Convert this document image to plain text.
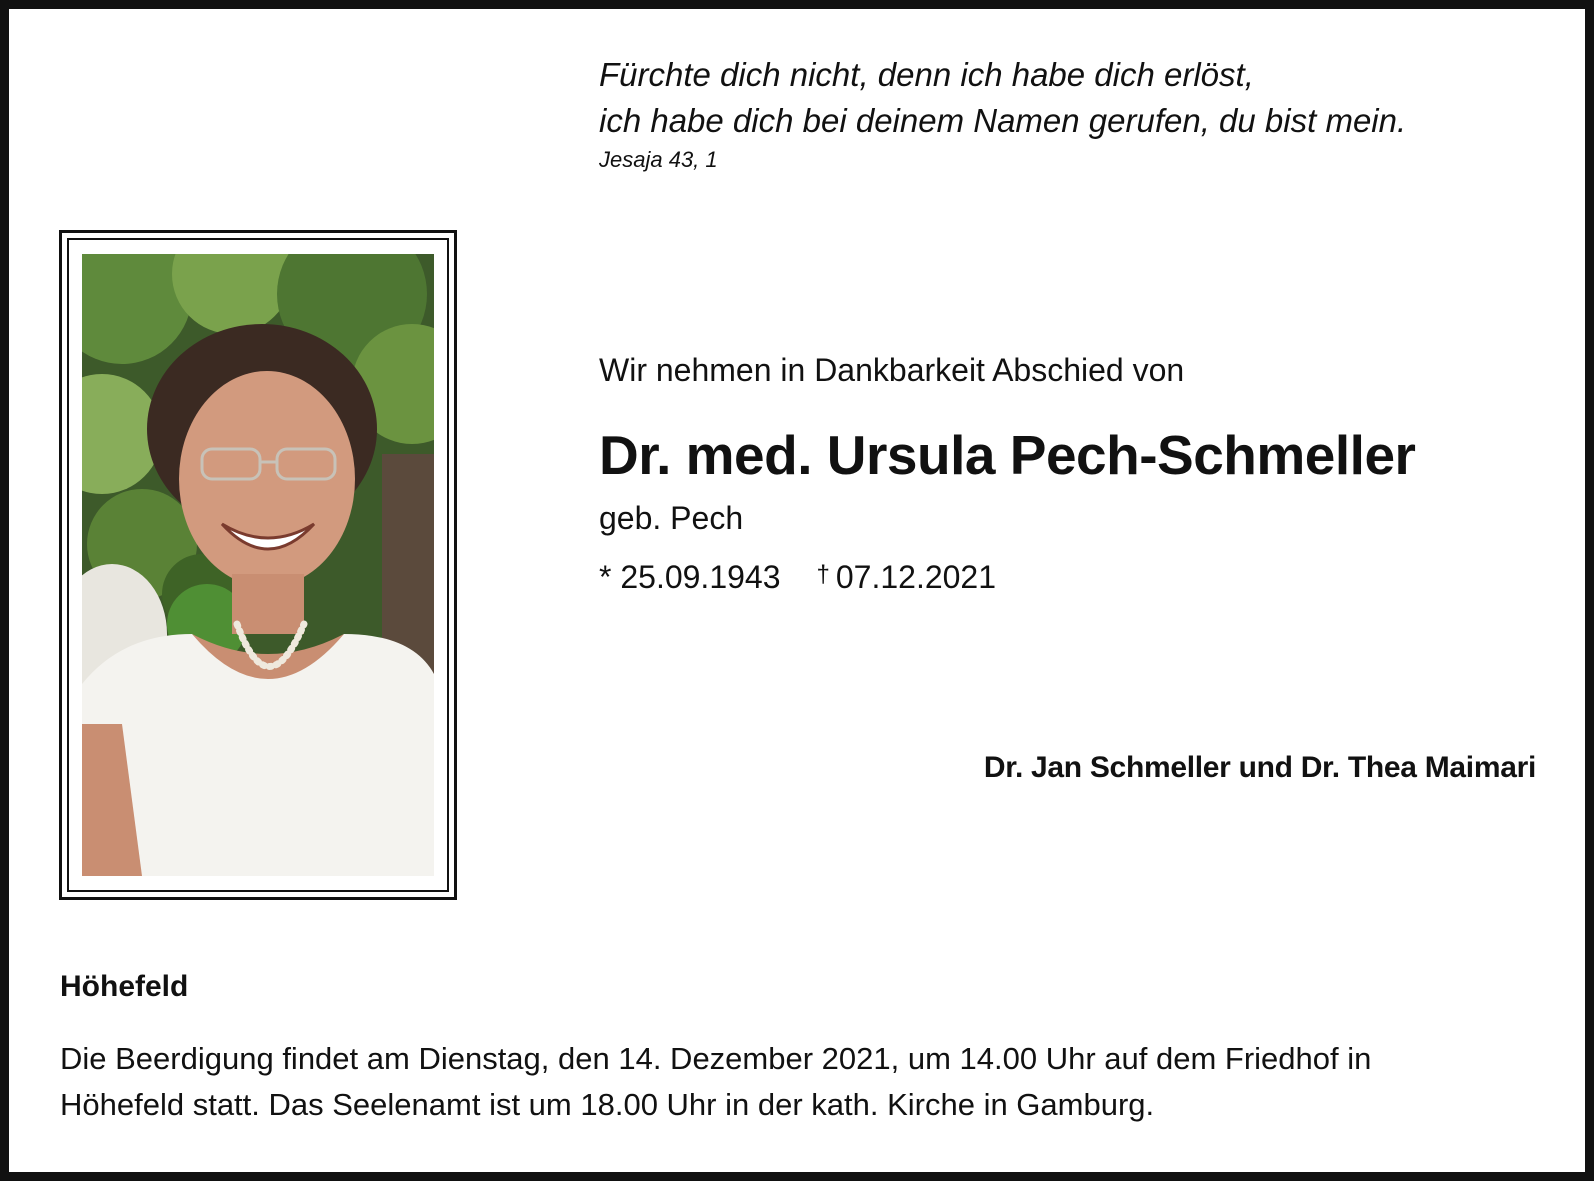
Fürchte dich nicht, denn ich habe dich erlöst,
ich habe dich bei deinem Namen gerufen, du bist mein.
Jesaja 43, 1
Wir nehmen in Dankbarkeit Abschied von
Dr. med. Ursula Pech-Schmeller
geb. Pech
* 25.09.1943 † 07.12.2021
Dr. Jan Schmeller und Dr. Thea Maimari
Höhefeld
Die Beerdigung findet am Dienstag, den 14. Dezember 2021, um 14.00 Uhr auf dem Friedhof in
Höhefeld statt. Das Seelenamt ist um 18.00 Uhr in der kath. Kirche in Gamburg.
